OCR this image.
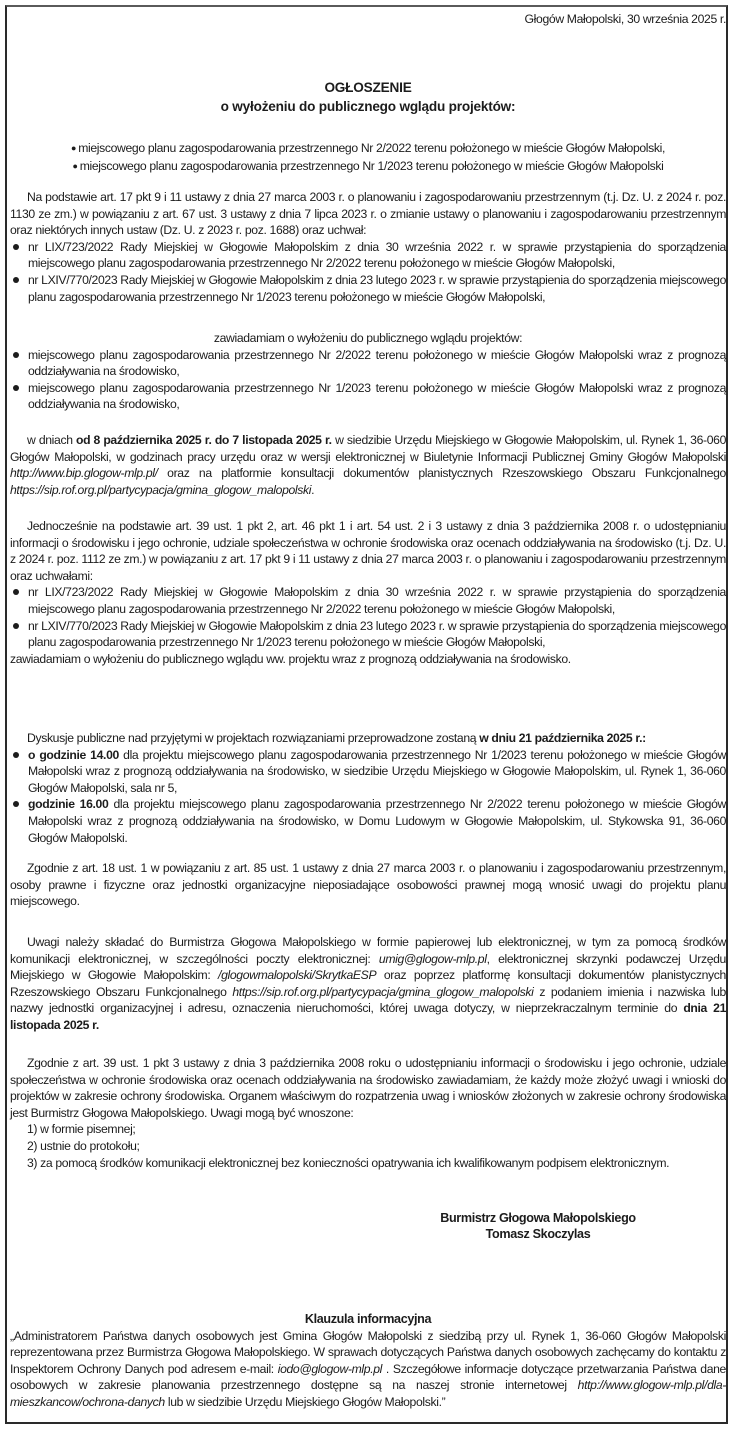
Głogów Małopolski, 30 września 2025 r.
OGŁOSZENIE
o wyłożeniu do publicznego wglądu projektów:
● miejscowego planu zagospodarowania przestrzennego Nr 2/2022 terenu położonego w mieście Głogów Małopolski,
● miejscowego planu zagospodarowania przestrzennego Nr 1/2023 terenu położonego w mieście Głogów Małopolski
Na podstawie art. 17 pkt 9 i 11 ustawy z dnia 27 marca 2003 r. o planowaniu i zagospodarowaniu przestrzennym (t.j. Dz. U. z 2024 r. poz. 1130 ze zm.) w powiązaniu z art. 67 ust. 3 ustawy z dnia 7 lipca 2023 r. o zmianie ustawy o planowaniu i zagospodarowaniu przestrzennym oraz niektórych innych ustaw (Dz. U. z 2023 r. poz. 1688) oraz uchwał:
nr LIX/723/2022 Rady Miejskiej w Głogowie Małopolskim z dnia 30 września 2022 r. w sprawie przystąpienia do sporządzenia miejscowego planu zagospodarowania przestrzennego Nr 2/2022 terenu położonego w mieście Głogów Małopolski,
nr LXIV/770/2023 Rady Miejskiej w Głogowie Małopolskim z dnia 23 lutego 2023 r. w sprawie przystąpienia do sporządzenia miejscowego planu zagospodarowania przestrzennego Nr 1/2023 terenu położonego w mieście Głogów Małopolski,
zawiadamiam o wyłożeniu do publicznego wglądu projektów:
miejscowego planu zagospodarowania przestrzennego Nr 2/2022 terenu położonego w mieście Głogów Małopolski wraz z prognozą oddziaływania na środowisko,
miejscowego planu zagospodarowania przestrzennego Nr 1/2023 terenu położonego w mieście Głogów Małopolski wraz z prognozą oddziaływania na środowisko,
w dniach od 8 października 2025 r. do 7 listopada 2025 r. w siedzibie Urzędu Miejskiego w Głogowie Małopolskim, ul. Rynek 1, 36-060 Głogów Małopolski, w godzinach pracy urzędu oraz w wersji elektronicznej w Biuletynie Informacji Publicznej Gminy Głogów Małopolski http://www.bip.glogow-mlp.pl/ oraz na platformie konsultacji dokumentów planistycznych Rzeszowskiego Obszaru Funkcjonalnego https://sip.rof.org.pl/partycypacja/gmina_glogow_malopolski.
Jednocześnie na podstawie art. 39 ust. 1 pkt 2, art. 46 pkt 1 i art. 54 ust. 2 i 3 ustawy z dnia 3 października 2008 r. o udostępnianiu informacji o środowisku i jego ochronie, udziale społeczeństwa w ochronie środowiska oraz ocenach oddziaływania na środowisko (t.j. Dz. U. z 2024 r. poz. 1112 ze zm.) w powiązaniu z art. 17 pkt 9 i 11 ustawy z dnia 27 marca 2003 r. o planowaniu i zagospodarowaniu przestrzennym oraz uchwałami:
nr LIX/723/2022 Rady Miejskiej w Głogowie Małopolskim z dnia 30 września 2022 r. w sprawie przystąpienia do sporządzenia miejscowego planu zagospodarowania przestrzennego Nr 2/2022 terenu położonego w mieście Głogów Małopolski,
nr LXIV/770/2023 Rady Miejskiej w Głogowie Małopolskim z dnia 23 lutego 2023 r. w sprawie przystąpienia do sporządzenia miejscowego planu zagospodarowania przestrzennego Nr 1/2023 terenu położonego w mieście Głogów Małopolski,
zawiadamiam o wyłożeniu do publicznego wglądu ww. projektu wraz z prognozą oddziaływania na środowisko.
Dyskusje publiczne nad przyjętymi w projektach rozwiązaniami przeprowadzone zostaną w dniu 21 października 2025 r.:
o godzinie 14.00 dla projektu miejscowego planu zagospodarowania przestrzennego Nr 1/2023 terenu położonego w mieście Głogów Małopolski wraz z prognozą oddziaływania na środowisko, w siedzibie Urzędu Miejskiego w Głogowie Małopolskim, ul. Rynek 1, 36-060 Głogów Małopolski, sala nr 5,
godzinie 16.00 dla projektu miejscowego planu zagospodarowania przestrzennego Nr 2/2022 terenu położonego w mieście Głogów Małopolski wraz z prognozą oddziaływania na środowisko, w Domu Ludowym w Głogowie Małopolskim, ul. Stykowska 91, 36-060 Głogów Małopolski.
Zgodnie z art. 18 ust. 1 w powiązaniu z art. 85 ust. 1 ustawy z dnia 27 marca 2003 r. o planowaniu i zagospodarowaniu przestrzennym, osoby prawne i fizyczne oraz jednostki organizacyjne nieposiadające osobowości prawnej mogą wnosić uwagi do projektu planu miejscowego.
Uwagi należy składać do Burmistrza Głogowa Małopolskiego w formie papierowej lub elektronicznej, w tym za pomocą środków komunikacji elektronicznej, w szczególności poczty elektronicznej: umig@glogow-mlp.pl, elektronicznej skrzynki podawczej Urzędu Miejskiego w Głogowie Małopolskim: /glogowmalopolski/SkrytkaESP oraz poprzez platformę konsultacji dokumentów planistycznych Rzeszowskiego Obszaru Funkcjonalnego https://sip.rof.org.pl/partycypacja/gmina_glogow_malopolski z podaniem imienia i nazwiska lub nazwy jednostki organizacyjnej i adresu, oznaczenia nieruchomości, której uwaga dotyczy, w nieprzekraczalnym terminie do dnia 21 listopada 2025 r.
Zgodnie z art. 39 ust. 1 pkt 3 ustawy z dnia 3 października 2008 roku o udostępnianiu informacji o środowisku i jego ochronie, udziale społeczeństwa w ochronie środowiska oraz ocenach oddziaływania na środowisko zawiadamiam, że każdy może złożyć uwagi i wnioski do projektów w zakresie ochrony środowiska. Organem właściwym do rozpatrzenia uwag i wniosków złożonych w zakresie ochrony środowiska jest Burmistrz Głogowa Małopolskiego. Uwagi mogą być wnoszone:
1) w formie pisemnej;
2) ustnie do protokołu;
3) za pomocą środków komunikacji elektronicznej bez konieczności opatrywania ich kwalifikowanym podpisem elektronicznym.
Burmistrz Głogowa Małopolskiego
Tomasz Skoczylas
Klauzula informacyjna
„Administratorem Państwa danych osobowych jest Gmina Głogów Małopolski z siedzibą przy ul. Rynek 1, 36-060 Głogów Małopolski reprezentowana przez Burmistrza Głogowa Małopolskiego. W sprawach dotyczących Państwa danych osobowych zachęcamy do kontaktu z Inspektorem Ochrony Danych pod adresem e-mail: iodo@glogow-mlp.pl . Szczegółowe informacje dotyczące przetwarzania Państwa dane osobowych w zakresie planowania przestrzennego dostępne są na naszej stronie internetowej http://www.glogow-mlp.pl/dla-mieszkancow/ochrona-danych lub w siedzibie Urzędu Miejskiego Głogów Małopolski.”
